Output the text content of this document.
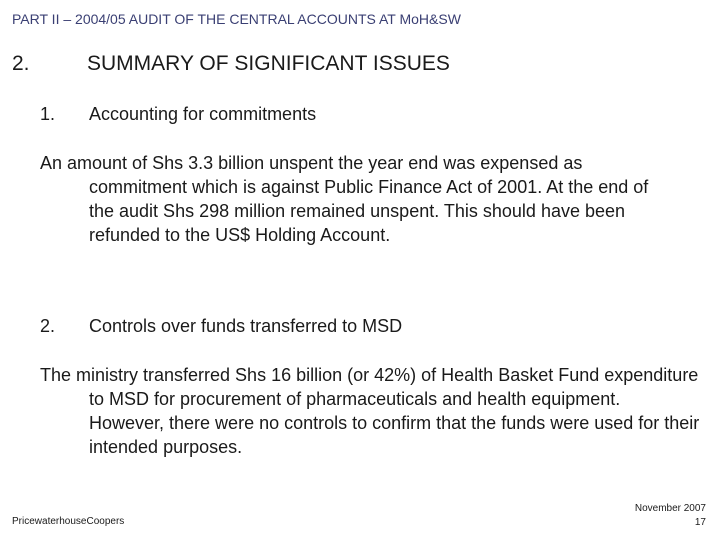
PART II – 2004/05 AUDIT OF THE CENTRAL ACCOUNTS AT MoH&SW
2.	SUMMARY OF SIGNIFICANT ISSUES
1. Accounting for commitments
An amount of Shs 3.3 billion unspent the year end was expensed as commitment which is against Public Finance Act of 2001. At the end of the audit Shs 298 million remained unspent. This should have been refunded to the US$ Holding Account.
2. Controls over funds transferred to MSD
The ministry transferred Shs 16 billion (or 42%) of Health Basket Fund expenditure to MSD for procurement of pharmaceuticals and health equipment. However, there were no controls to confirm that the funds were used for their intended purposes.
PricewaterhouseCoopers
November 2007
17
